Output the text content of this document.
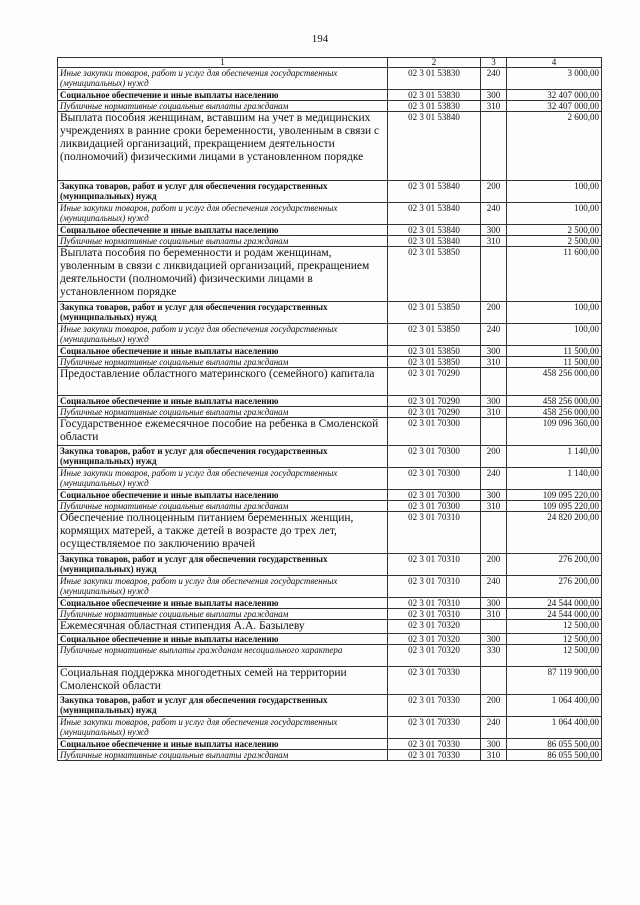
194
1	2	3	4
Иные закупки товаров, работ и услуг для обеспечения государственных (муниципальных) нужд	02 3 01 53830	240	3 000,00
Социальное обеспечение и иные выплаты населению	02 3 01 53830	300	32 407 000,00
Публичные нормативные социальные выплаты гражданам	02 3 01 53830	310	32 407 000,00
Выплата пособия женщинам, вставшим на учет в медицинских учреждениях в ранние сроки беременности, уволенным в связи с ликвидацией организаций, прекращением деятельности (полномочий) физическими лицами в установленном порядке	02 3 01 53840		2 600,00
Закупка товаров, работ и услуг для обеспечения государственных (муниципальных) нужд	02 3 01 53840	200	100,00
Иные закупки товаров, работ и услуг для обеспечения государственных (муниципальных) нужд	02 3 01 53840	240	100,00
Социальное обеспечение и иные выплаты населению	02 3 01 53840	300	2 500,00
Публичные нормативные социальные выплаты гражданам	02 3 01 53840	310	2 500,00
Выплата пособия по беременности и родам женщинам, уволенным в связи с ликвидацией организаций, прекращением деятельности (полномочий) физическими лицами в установленном порядке	02 3 01 53850		11 600,00
Закупка товаров, работ и услуг для обеспечения государственных (муниципальных) нужд	02 3 01 53850	200	100,00
Иные закупки товаров, работ и услуг для обеспечения государственных (муниципальных) нужд	02 3 01 53850	240	100,00
Социальное обеспечение и иные выплаты населению	02 3 01 53850	300	11 500,00
Публичные нормативные социальные выплаты гражданам	02 3 01 53850	310	11 500,00
Предоставление областного материнского (семейного) капитала	02 3 01 70290		458 256 000,00
Социальное обеспечение и иные выплаты населению	02 3 01 70290	300	458 256 000,00
Публичные нормативные социальные выплаты гражданам	02 3 01 70290	310	458 256 000,00
Государственное ежемесячное пособие на ребенка в Смоленской области	02 3 01 70300		109 096 360,00
Закупка товаров, работ и услуг для обеспечения государственных (муниципальных) нужд	02 3 01 70300	200	1 140,00
Иные закупки товаров, работ и услуг для обеспечения государственных (муниципальных) нужд	02 3 01 70300	240	1 140,00
Социальное обеспечение и иные выплаты населению	02 3 01 70300	300	109 095 220,00
Публичные нормативные социальные выплаты гражданам	02 3 01 70300	310	109 095 220,00
Обеспечение полноценным питанием беременных женщин, кормящих матерей, а также детей в возрасте до трех лет, осуществляемое по заключению врачей	02 3 01 70310		24 820 200,00
Закупка товаров, работ и услуг для обеспечения государственных (муниципальных) нужд	02 3 01 70310	200	276 200,00
Иные закупки товаров, работ и услуг для обеспечения государственных (муниципальных) нужд	02 3 01 70310	240	276 200,00
Социальное обеспечение и иные выплаты населению	02 3 01 70310	300	24 544 000,00
Публичные нормативные социальные выплаты гражданам	02 3 01 70310	310	24 544 000,00
Ежемесячная областная стипендия А.А. Базылеву	02 3 01 70320		12 500,00
Социальное обеспечение и иные выплаты населению	02 3 01 70320	300	12 500,00
Публичные нормативные выплаты гражданам несоциального характера	02 3 01 70320	330	12 500,00
Социальная поддержка многодетных семей на территории Смоленской области	02 3 01 70330		87 119 900,00
Закупка товаров, работ и услуг для обеспечения государственных (муниципальных) нужд	02 3 01 70330	200	1 064 400,00
Иные закупки товаров, работ и услуг для обеспечения государственных (муниципальных) нужд	02 3 01 70330	240	1 064 400,00
Социальное обеспечение и иные выплаты населению	02 3 01 70330	300	86 055 500,00
Публичные нормативные социальные выплаты гражданам	02 3 01 70330	310	86 055 500,00
